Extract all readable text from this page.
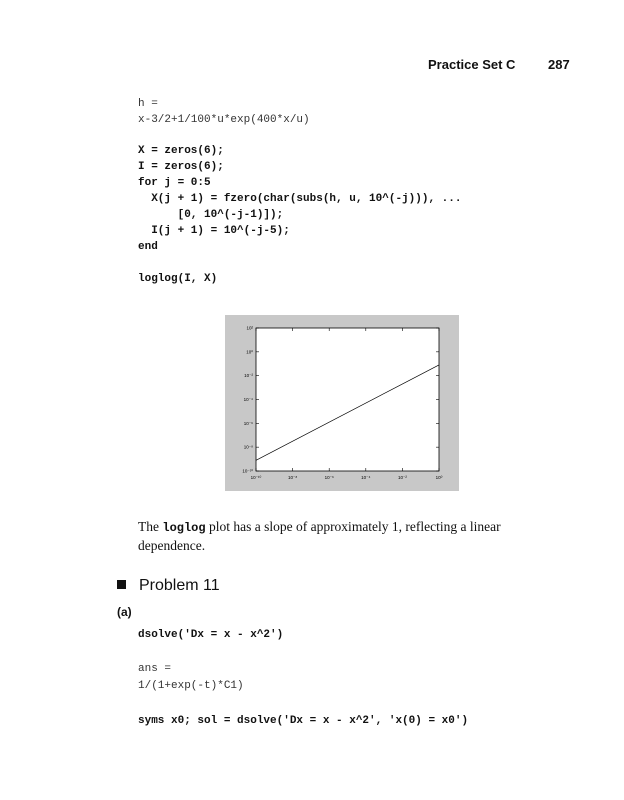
Practice Set C	287
h =
x-3/2+1/100*u*exp(400*x/u)
X = zeros(6);
I = zeros(6);
for j = 0:5
X(j + 1) = fzero(char(subs(h, u, 10^(-j))), ...
[0, 10^(-j-1)]);
I(j + 1) = 10^(-j-5);
end
loglog(I, X)
10⁻¹⁰	10⁻⁸	10⁻⁶	10⁻⁴	10⁻²	10⁰
10⁻¹⁰
10⁻⁸
10⁻⁶
10⁻⁴
10⁻²
10⁰
10²
The loglog plot has a slope of approximately 1, reflecting a linear dependence.
Problem 11
(a)
dsolve('Dx = x - x^2')
ans =
1/(1+exp(-t)*C1)
syms x0; sol = dsolve('Dx = x - x^2', 'x(0) = x0')
